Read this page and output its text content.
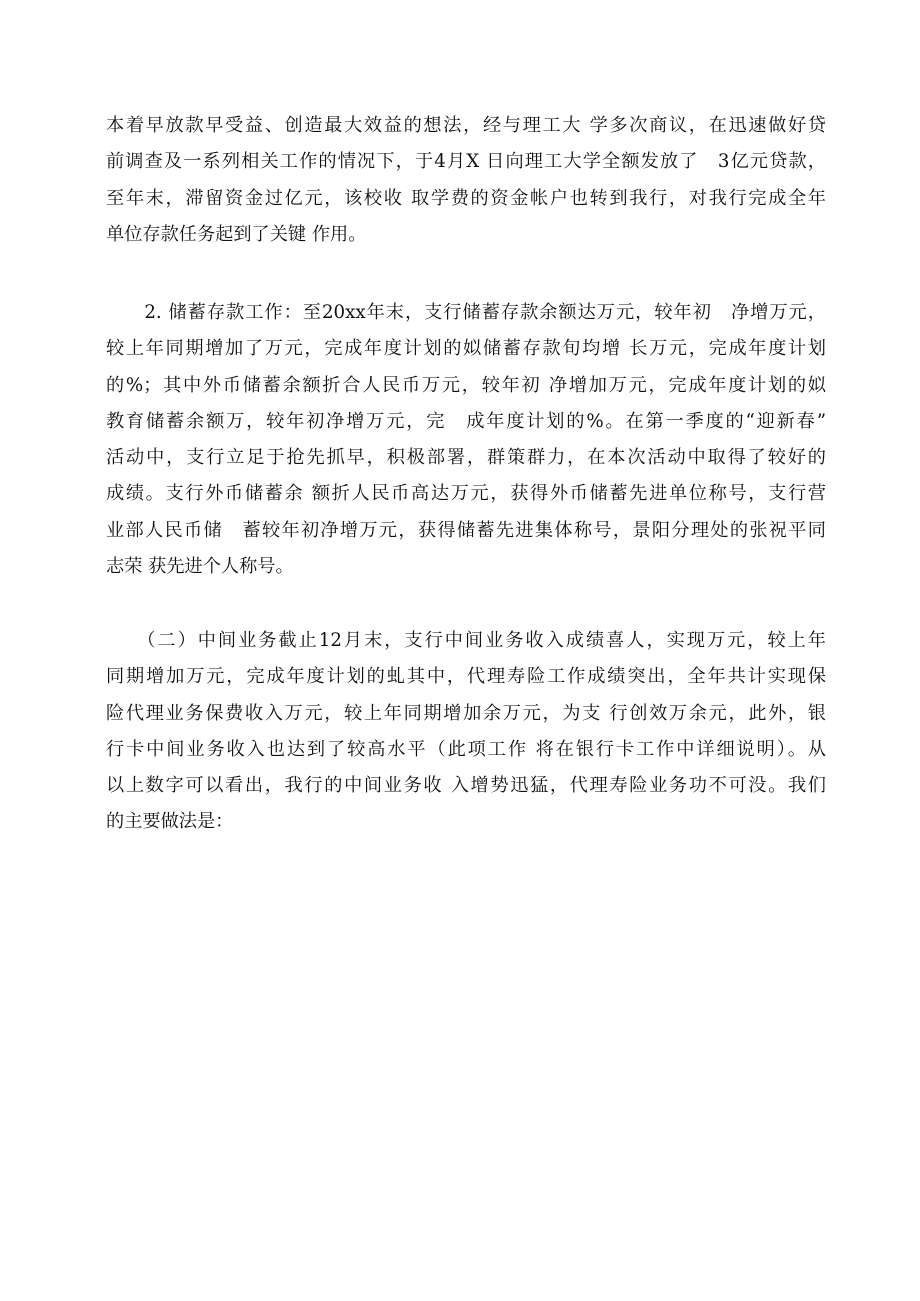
本着早放款早受益、创造最大效益的想法，经与理工大 学多次商议，在迅速做好贷
前调查及一系列相关工作的情况下，于4月X 日向理工大学全额发放了　3亿元贷款，
至年末，滞留资金过亿元，该校收 取学费的资金帐户也转到我行，对我行完成全年
单位存款任务起到了关键 作用。
　　2. 储蓄存款工作：至20xx年末，支行储蓄存款余额达万元，较年初　净增万元，
较上年同期增加了万元，完成年度计划的姒储蓄存款旬均增 长万元，完成年度计划
的%；其中外币储蓄余额折合人民币万元，较年初 净增加万元，完成年度计划的姒
教育储蓄余额万，较年初净增万元，完　成年度计划的%。在第一季度的“迎新春”
活动中，支行立足于抢先抓早，积极部署，群策群力，在本次活动中取得了较好的
成绩。支行外币储蓄余 额折人民币高达万元，获得外币储蓄先进单位称号，支行营
业部人民币储　蓄较年初净增万元，获得储蓄先进集体称号，景阳分理处的张祝平同
志荣 获先进个人称号。
　　（二）中间业务截止12月末，支行中间业务收入成绩喜人，实现万元，较上年
同期增加万元，完成年度计划的虬其中，代理寿险工作成绩突出，全年共计实现保
险代理业务保费收入万元，较上年同期增加余万元，为支 行创效万余元，此外，银
行卡中间业务收入也达到了较高水平（此项工作 将在银行卡工作中详细说明）。从
以上数字可以看出，我行的中间业务收 入增势迅猛，代理寿险业务功不可没。我们
的主要做法是：
